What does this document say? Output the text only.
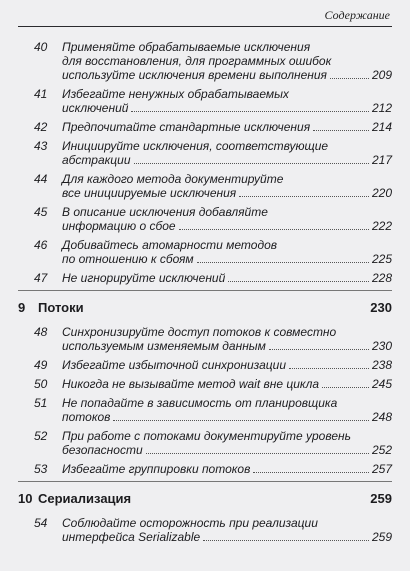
Содержание
40	Применяйте обрабатываемые исключения
для восстановления, для программных ошибок
используйте исключения времени выполнения	209
41	Избегайте ненужных обрабатываемых
исключений	212
42	Предпочитайте стандартные исключения	214
43	Инициируйте исключения, соответствующие
абстракции	217
44	Для каждого метода документируйте
все инициируемые исключения	220
45	В описание исключения добавляйте
информацию о сбое	222
46	Добивайтесь атомарности методов
по отношению к сбоям	225
47	Не игнорируйте исключений	228
9 Потоки	230
48	Синхронизируйте доступ потоков к совместно
используемым изменяемым данным	230
49	Избегайте избыточной синхронизации	238
50	Никогда не вызывайте метод wait вне цикла	245
51	Не попадайте в зависимость от планировщика
потоков	248
52	При работе с потоками документируйте уровень
безопасности	252
53	Избегайте группировки потоков	257
10 Сериализация	259
54	Соблюдайте осторожность при реализации
интерфейса Serializable	259
